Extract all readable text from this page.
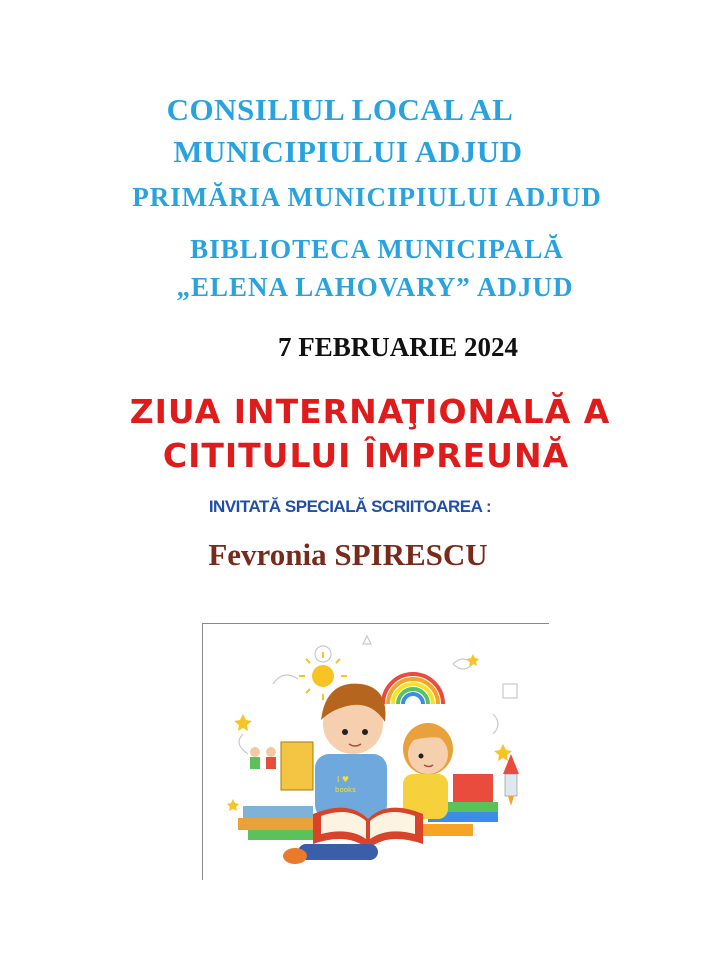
CONSILIUL LOCAL AL

MUNICIPIULUI ADJUD

PRIMĂRIA MUNICIPIULUI ADJUD

BIBLIOTECA MUNICIPALĂ

„ELENA LAHOVARY” ADJUD

7 FEBRUARIE 2024

ZIUA INTERNAŢIONALĂ A

CITITULUI ÎMPREUNĂ

INVITATĂ SPECIALĂ SCRIITOAREA :

Fevronia SPIRESCU

I ♥
books
